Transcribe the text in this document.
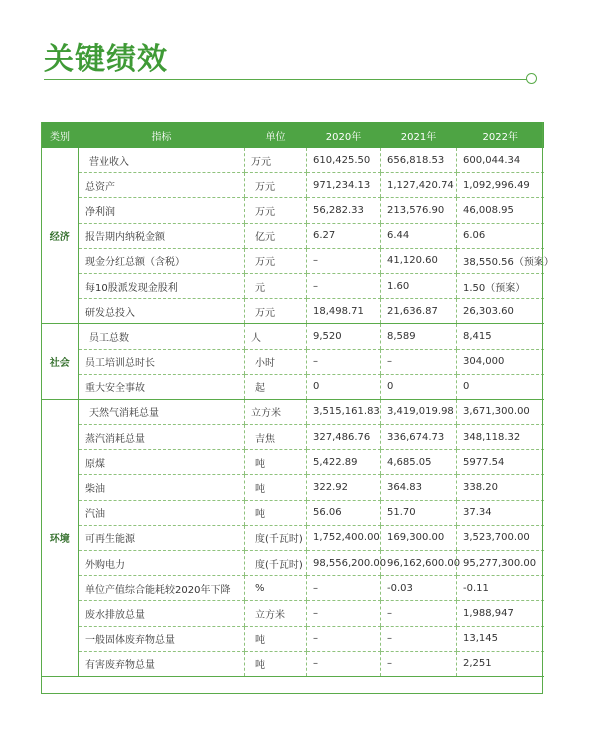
关键绩效
类别	指标	单位	2020年	2021年	2022年
经济	营业收入	万元	610,425.50	656,818.53	600,044.34
	总资产	万元	971,234.13	1,127,420.74	1,092,996.49
	净利润	万元	56,282.33	213,576.90	46,008.95
	报告期内纳税金额	亿元	6.27	6.44	6.06
	现金分红总额（含税）	万元	–	41,120.60	38,550.56（预案）
	每10股派发现金股利	元	–	1.60	1.50（预案）
	研发总投入	万元	18,498.71	21,636.87	26,303.60
社会	员工总数	人	9,520	8,589	8,415
	员工培训总时长	小时	–	–	304,000
	重大安全事故	起	0	0	0
环境	天然气消耗总量	立方米	3,515,161.83	3,419,019.98	3,671,300.00
	蒸汽消耗总量	吉焦	327,486.76	336,674.73	348,118.32
	原煤	吨	5,422.89	4,685.05	5977.54
	柴油	吨	322.92	364.83	338.20
	汽油	吨	56.06	51.70	37.34
	可再生能源	度(千瓦时)	1,752,400.00	169,300.00	3,523,700.00
	外购电力	度(千瓦时)	98,556,200.00	96,162,600.00	95,277,300.00
	单位产值综合能耗较2020年下降	%	–	-0.03	-0.11
	废水排放总量	立方米	–	–	1,988,947
	一般固体废弃物总量	吨	–	–	13,145
	有害废弃物总量	吨	–	–	2,251
